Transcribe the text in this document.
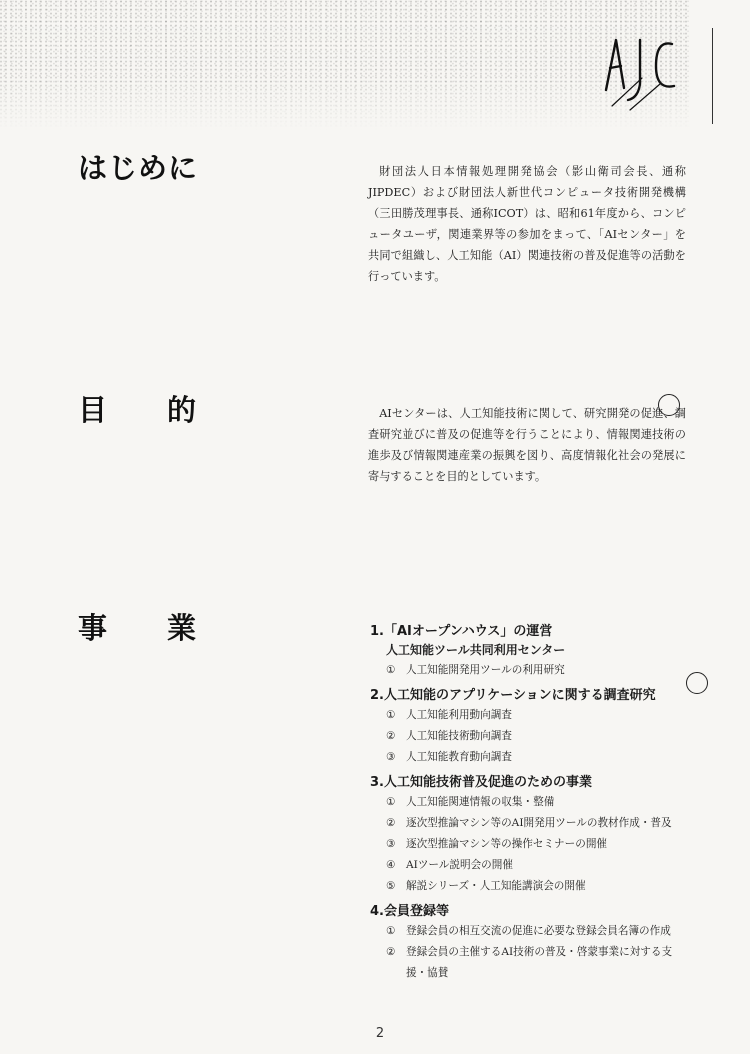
はじめに	財団法人日本情報処理開発協会（影山衛司会長、通称JIPDEC）および財団法人新世代コンピュータ技術開発機構（三田勝茂理事長、通称ICOT）は、昭和61年度から、コンピュータユーザ，関連業界等の参加をまって、「AIセンター」を共同で組織し、人工知能（AI）関連技術の普及促進等の活動を行っています。

目的	AIセンターは、人工知能技術に関して、研究開発の促進、調査研究並びに普及の促進等を行うことにより、情報関連技術の進歩及び情報関連産業の振興を図り、高度情報化社会の発展に寄与することを目的としています。

事業	1.「AIオープンハウス」の運営

人工知能ツール共同利用センター

① 人工知能開発用ツールの利用研究

2.人工知能のアプリケーションに関する調査研究

① 人工知能利用動向調査
② 人工知能技術動向調査
③ 人工知能教育動向調査

3.人工知能技術普及促進のための事業

① 人工知能関連情報の収集・整備
② 逐次型推論マシン等のAI開発用ツールの教材作成・普及
③ 逐次型推論マシン等の操作セミナーの開催
④ AIツール説明会の開催
⑤ 解説シリーズ・人工知能講演会の開催

4.会員登録等

① 登録会員の相互交流の促進に必要な登録会員名簿の作成
② 登録会員の主催するAI技術の普及・啓蒙事業に対する支援・協賛

2
